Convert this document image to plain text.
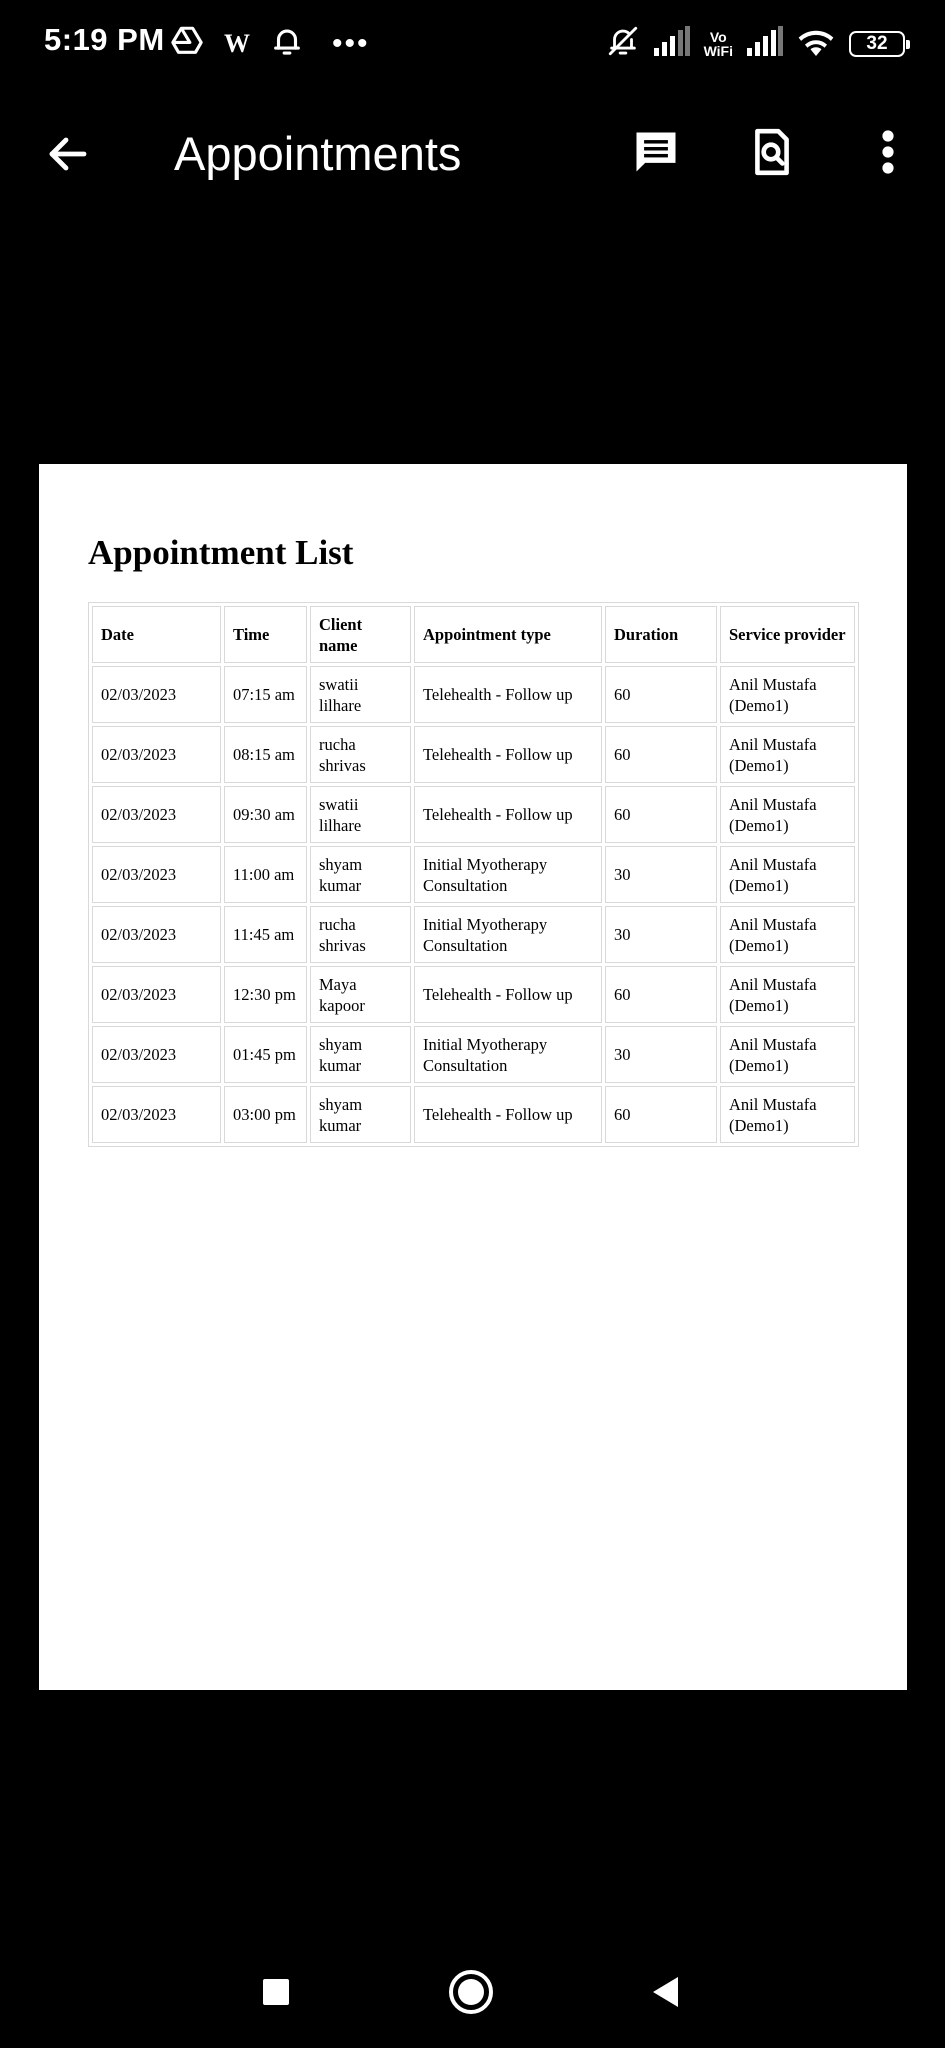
5:19 PM W	•••	Vo
WiFi	32
Appointments
Appointment List
Date	Time	Client name	Appointment type	Duration	Service provider
02/03/2023	07:15 am	swatii lilhare	Telehealth - Follow up	60	Anil Mustafa (Demo1)
02/03/2023	08:15 am	rucha shrivas	Telehealth - Follow up	60	Anil Mustafa (Demo1)
02/03/2023	09:30 am	swatii lilhare	Telehealth - Follow up	60	Anil Mustafa (Demo1)
02/03/2023	11:00 am	shyam kumar	Initial Myotherapy Consultation	30	Anil Mustafa (Demo1)
02/03/2023	11:45 am	rucha shrivas	Initial Myotherapy Consultation	30	Anil Mustafa (Demo1)
02/03/2023	12:30 pm	Maya kapoor	Telehealth - Follow up	60	Anil Mustafa (Demo1)
02/03/2023	01:45 pm	shyam kumar	Initial Myotherapy Consultation	30	Anil Mustafa (Demo1)
02/03/2023	03:00 pm	shyam kumar	Telehealth - Follow up	60	Anil Mustafa (Demo1)
